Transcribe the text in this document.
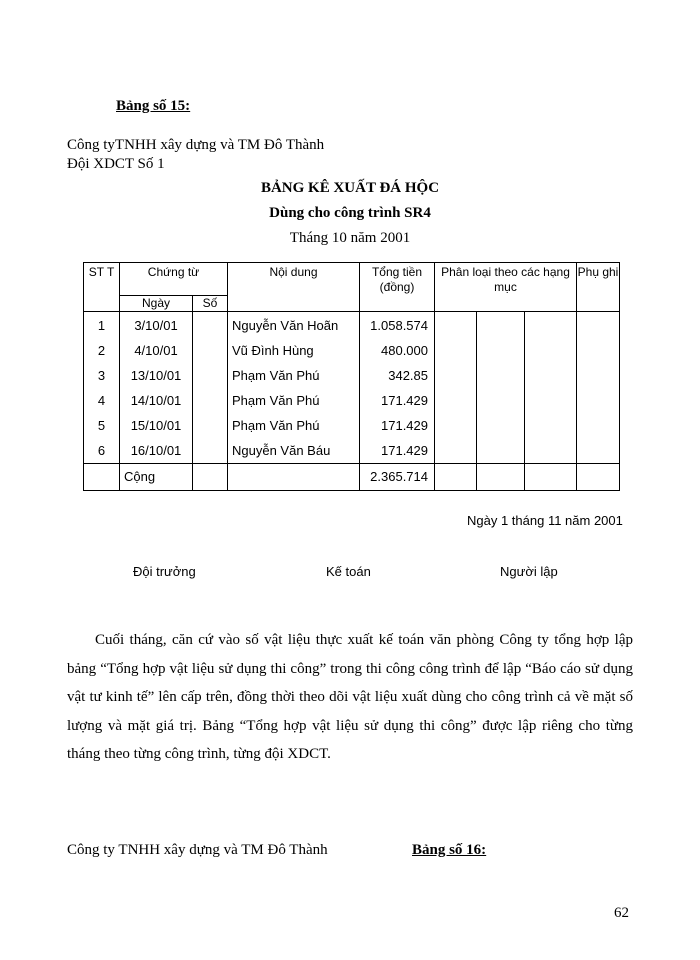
Bảng số 15:
Công tyTNHH xây dựng và TM Đô Thành
Đội XDCT Số 1
BẢNG KÊ XUẤT ĐÁ HỘC
Dùng cho công trình SR4
Tháng 10 năm 2001
ST T	Chứng từ		Nội dung	Tổng tiền (đồng)	Phân loại theo các hạng mục			Phụ ghi
	Ngày	Số						
1	3/10/01		Nguyễn Văn Hoãn	1.058.574				
2	4/10/01		Vũ Đình Hùng	480.000				
3	13/10/01		Phạm Văn Phú	342.85				
4	14/10/01		Phạm Văn Phú	171.429				
5	15/10/01		Phạm Văn Phú	171.429				
6	16/10/01		Nguyễn Văn Báu	171.429				
	Cộng			2.365.714				
Ngày 1 tháng 11 năm 2001
Đội trưởng	Kế toán	Người lập

Cuối tháng, căn cứ vào số vật liệu thực xuất kế toán văn phòng Công ty tổng hợp lập bảng “Tổng hợp vật liệu sử dụng thi công” trong thi công công trình để lập “Báo cáo sử dụng vật tư kinh tế” lên cấp trên, đồng thời theo dõi vật liệu xuất dùng cho công trình cả về mặt số lượng và mặt giá trị. Bảng “Tổng hợp vật liệu sử dụng thi công” được lập riêng cho từng tháng theo từng công trình, từng đội XDCT.

Công ty TNHH xây dựng và TM Đô Thành	Bảng số 16:
62
